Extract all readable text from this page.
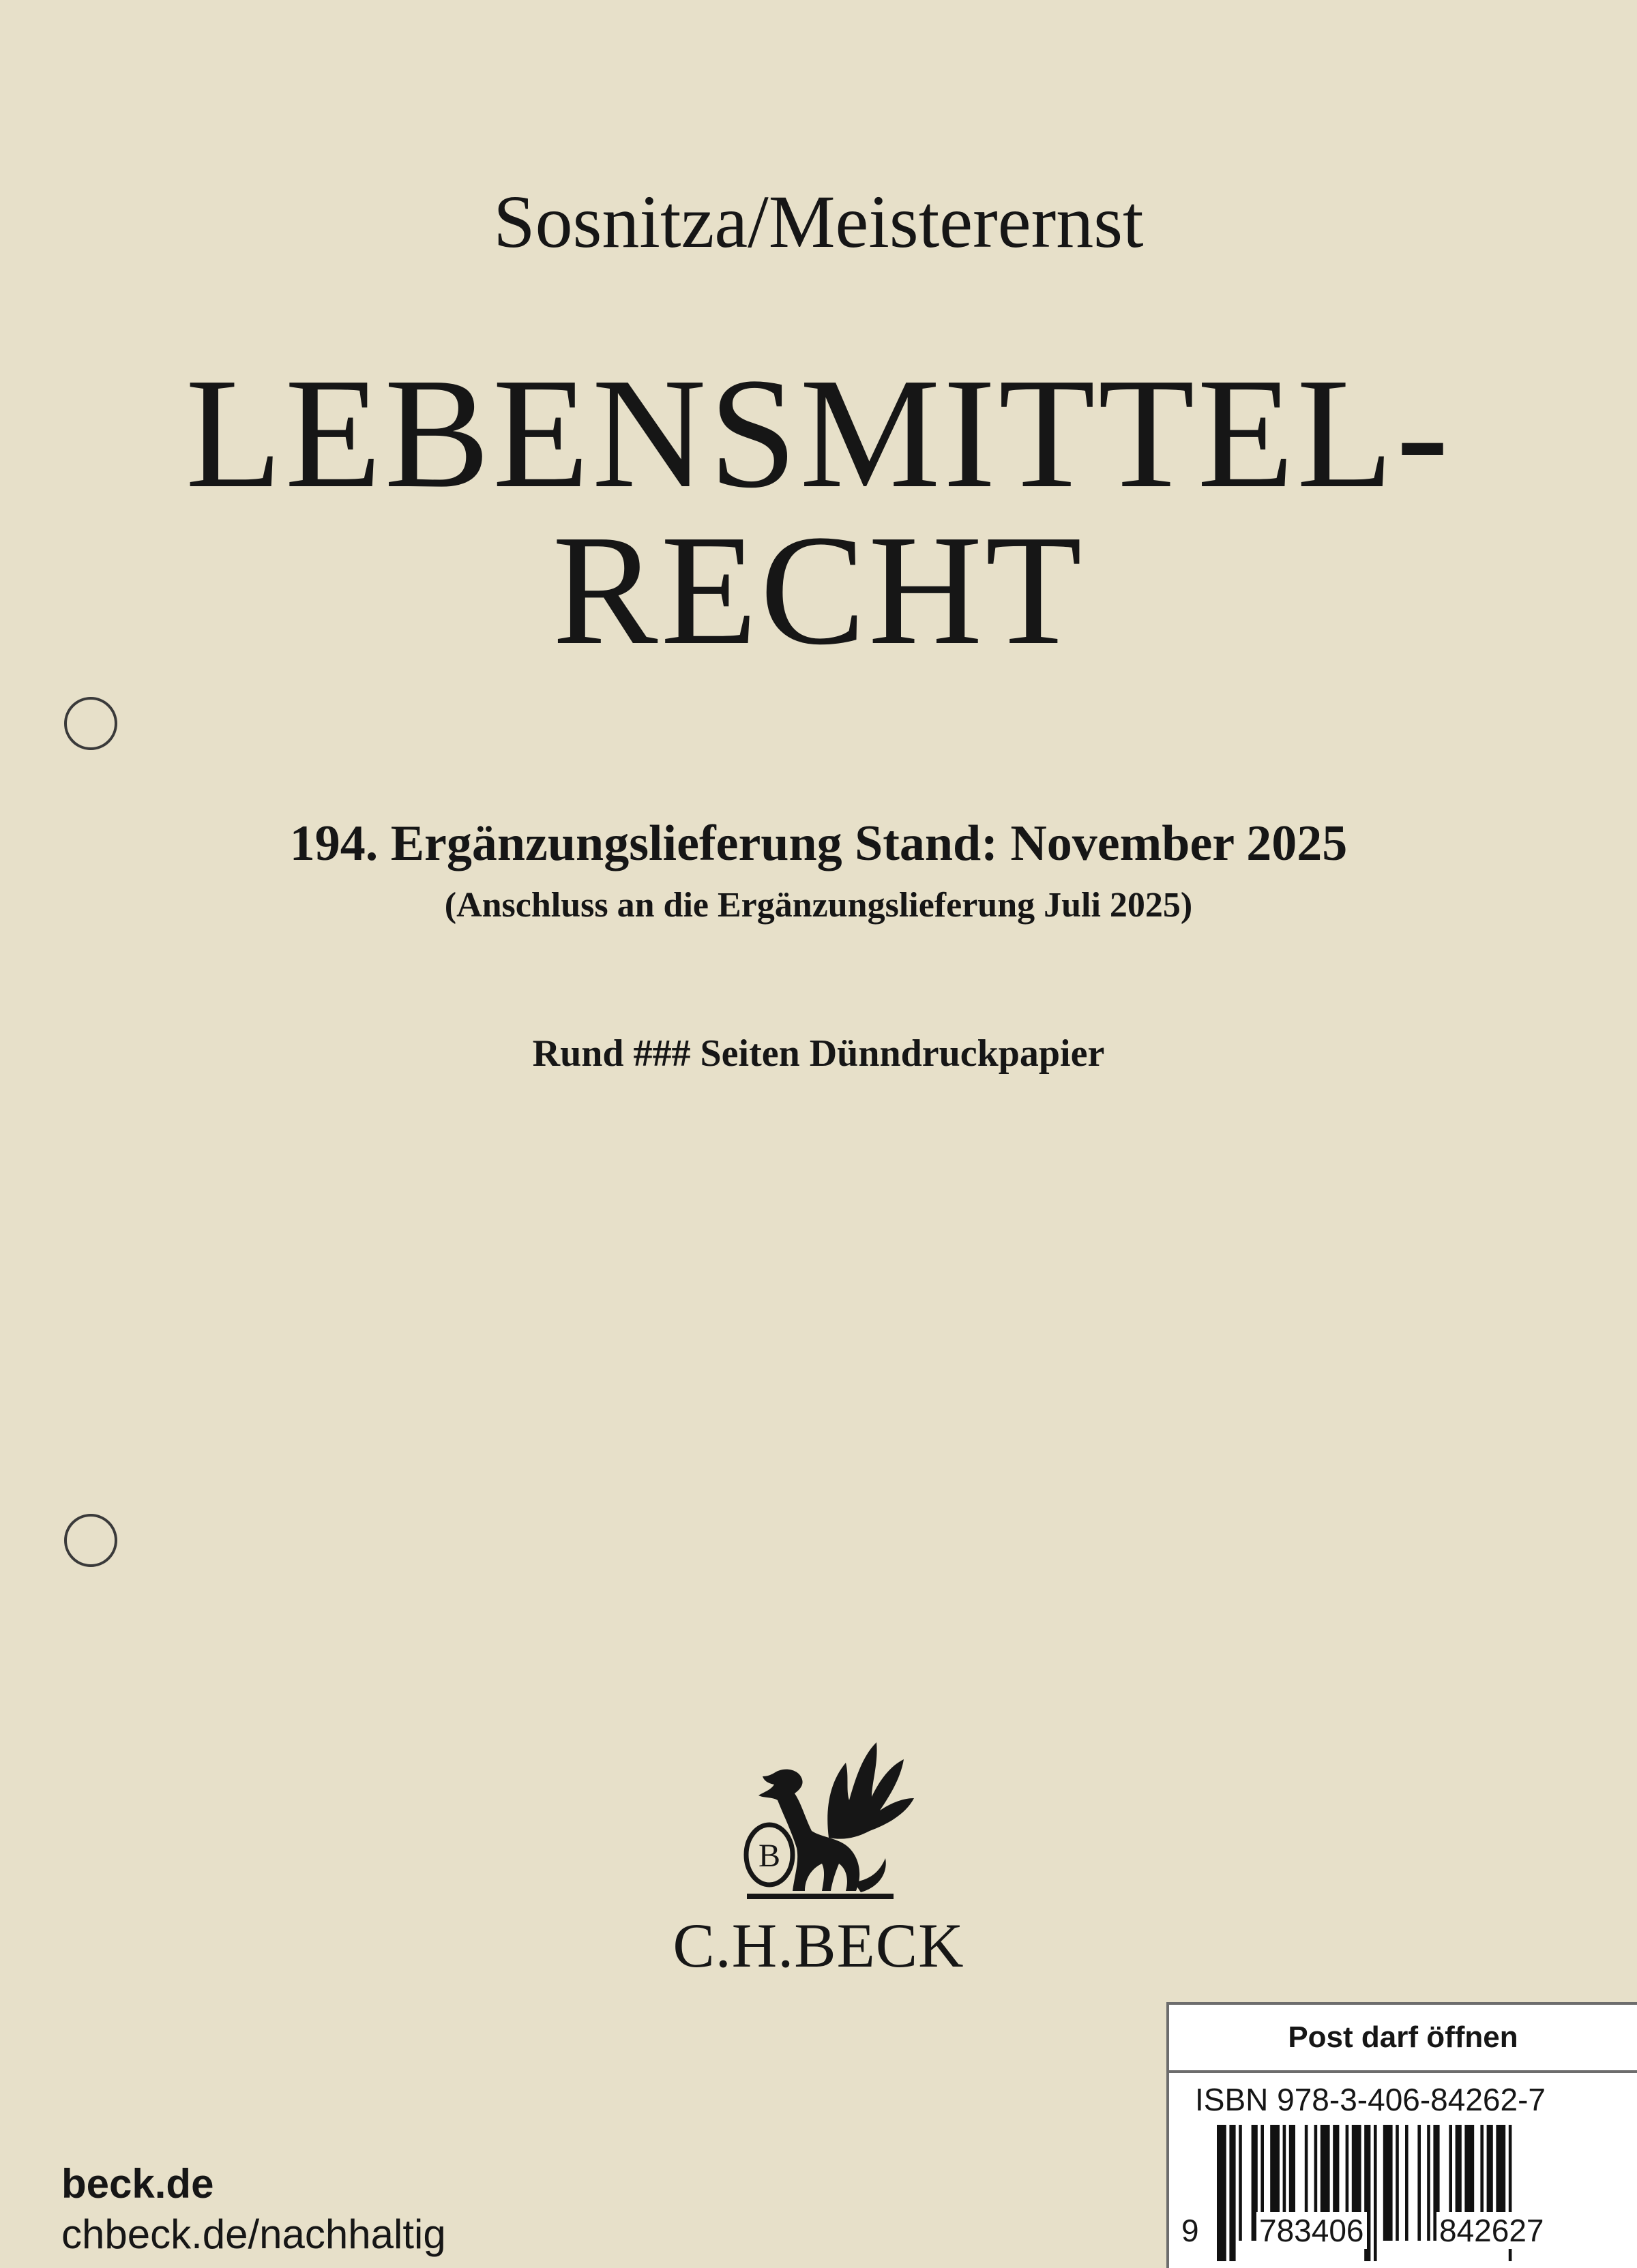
Sosnitza/Meisterernst
LEBENSMITTEL-
RECHT
194. Ergänzungslieferung Stand: November 2025
(Anschluss an die Ergänzungslieferung Juli 2025)
Rund ### Seiten Dünndruckpapier
B
C.H.BECK
beck.de
chbeck.de/nachhaltig
Post darf öffnen
ISBN 978-3-406-84262-7
9 783406 842627
